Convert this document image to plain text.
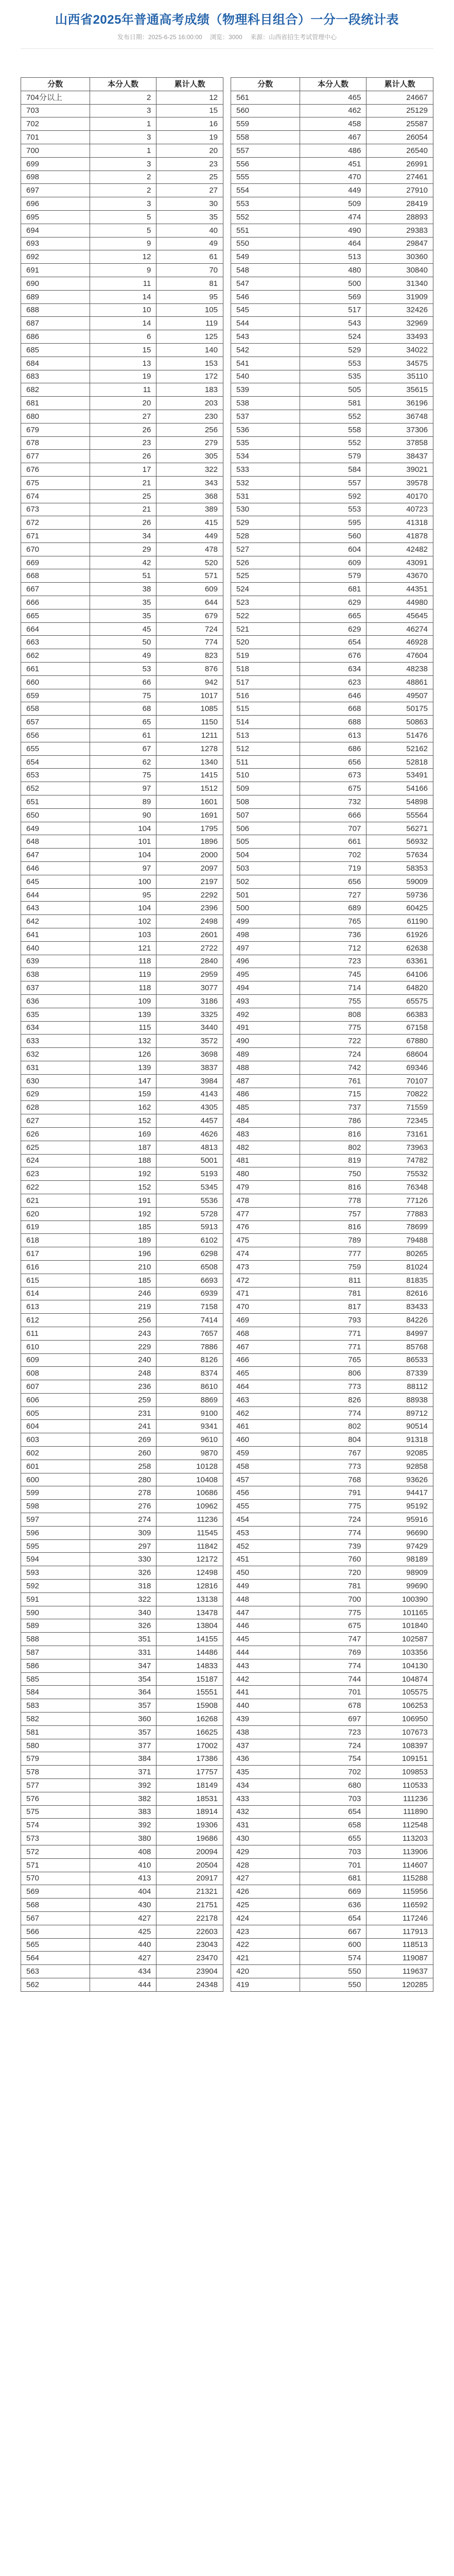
山西省2025年普通高考成绩（物理科目组合）一分一段统计表
发布日期：2025-6-25 16:00:00 浏览：3000 来源：山西省招生考试管理中心
分数	本分人数	累计人数
704分以上	2	12
703	3	15
702	1	16
701	3	19
700	1	20
699	3	23
698	2	25
697	2	27
696	3	30
695	5	35
694	5	40
693	9	49
692	12	61
691	9	70
690	11	81
689	14	95
688	10	105
687	14	119
686	6	125
685	15	140
684	13	153
683	19	172
682	11	183
681	20	203
680	27	230
679	26	256
678	23	279
677	26	305
676	17	322
675	21	343
674	25	368
673	21	389
672	26	415
671	34	449
670	29	478
669	42	520
668	51	571
667	38	609
666	35	644
665	35	679
664	45	724
663	50	774
662	49	823
661	53	876
660	66	942
659	75	1017
658	68	1085
657	65	1150
656	61	1211
655	67	1278
654	62	1340
653	75	1415
652	97	1512
651	89	1601
650	90	1691
649	104	1795
648	101	1896
647	104	2000
646	97	2097
645	100	2197
644	95	2292
643	104	2396
642	102	2498
641	103	2601
640	121	2722
639	118	2840
638	119	2959
637	118	3077
636	109	3186
635	139	3325
634	115	3440
633	132	3572
632	126	3698
631	139	3837
630	147	3984
629	159	4143
628	162	4305
627	152	4457
626	169	4626
625	187	4813
624	188	5001
623	192	5193
622	152	5345
621	191	5536
620	192	5728
619	185	5913
618	189	6102
617	196	6298
616	210	6508
615	185	6693
614	246	6939
613	219	7158
612	256	7414
611	243	7657
610	229	7886
609	240	8126
608	248	8374
607	236	8610
606	259	8869
605	231	9100
604	241	9341
603	269	9610
602	260	9870
601	258	10128
600	280	10408
599	278	10686
598	276	10962
597	274	11236
596	309	11545
595	297	11842
594	330	12172
593	326	12498
592	318	12816
591	322	13138
590	340	13478
589	326	13804
588	351	14155
587	331	14486
586	347	14833
585	354	15187
584	364	15551
583	357	15908
582	360	16268
581	357	16625
580	377	17002
579	384	17386
578	371	17757
577	392	18149
576	382	18531
575	383	18914
574	392	19306
573	380	19686
572	408	20094
571	410	20504
570	413	20917
569	404	21321
568	430	21751
567	427	22178
566	425	22603
565	440	23043
564	427	23470
563	434	23904
562	444	24348
分数	本分人数	累计人数
561	465	24667
560	462	25129
559	458	25587
558	467	26054
557	486	26540
556	451	26991
555	470	27461
554	449	27910
553	509	28419
552	474	28893
551	490	29383
550	464	29847
549	513	30360
548	480	30840
547	500	31340
546	569	31909
545	517	32426
544	543	32969
543	524	33493
542	529	34022
541	553	34575
540	535	35110
539	505	35615
538	581	36196
537	552	36748
536	558	37306
535	552	37858
534	579	38437
533	584	39021
532	557	39578
531	592	40170
530	553	40723
529	595	41318
528	560	41878
527	604	42482
526	609	43091
525	579	43670
524	681	44351
523	629	44980
522	665	45645
521	629	46274
520	654	46928
519	676	47604
518	634	48238
517	623	48861
516	646	49507
515	668	50175
514	688	50863
513	613	51476
512	686	52162
511	656	52818
510	673	53491
509	675	54166
508	732	54898
507	666	55564
506	707	56271
505	661	56932
504	702	57634
503	719	58353
502	656	59009
501	727	59736
500	689	60425
499	765	61190
498	736	61926
497	712	62638
496	723	63361
495	745	64106
494	714	64820
493	755	65575
492	808	66383
491	775	67158
490	722	67880
489	724	68604
488	742	69346
487	761	70107
486	715	70822
485	737	71559
484	786	72345
483	816	73161
482	802	73963
481	819	74782
480	750	75532
479	816	76348
478	778	77126
477	757	77883
476	816	78699
475	789	79488
474	777	80265
473	759	81024
472	811	81835
471	781	82616
470	817	83433
469	793	84226
468	771	84997
467	771	85768
466	765	86533
465	806	87339
464	773	88112
463	826	88938
462	774	89712
461	802	90514
460	804	91318
459	767	92085
458	773	92858
457	768	93626
456	791	94417
455	775	95192
454	724	95916
453	774	96690
452	739	97429
451	760	98189
450	720	98909
449	781	99690
448	700	100390
447	775	101165
446	675	101840
445	747	102587
444	769	103356
443	774	104130
442	744	104874
441	701	105575
440	678	106253
439	697	106950
438	723	107673
437	724	108397
436	754	109151
435	702	109853
434	680	110533
433	703	111236
432	654	111890
431	658	112548
430	655	113203
429	703	113906
428	701	114607
427	681	115288
426	669	115956
425	636	116592
424	654	117246
423	667	117913
422	600	118513
421	574	119087
420	550	119637
419	550	120285
